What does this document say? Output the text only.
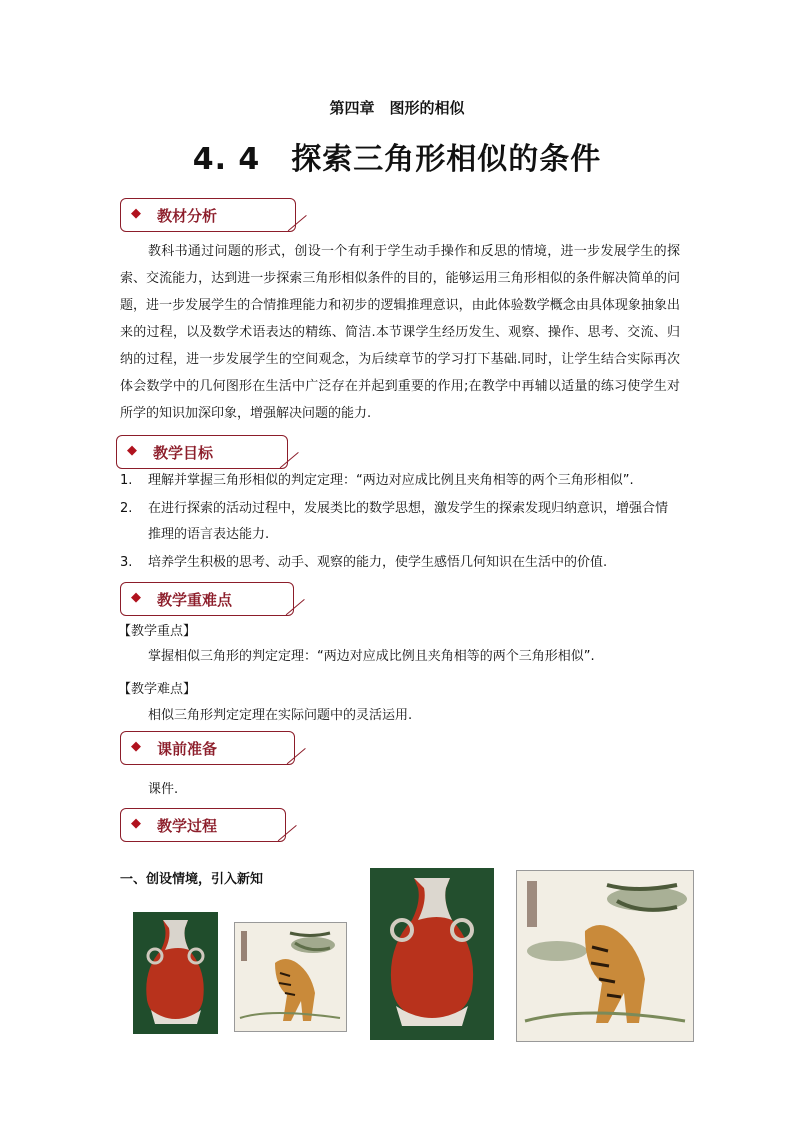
第四章　图形的相似
4. 4　探索三角形相似的条件
◆ 教材分析
教科书通过问题的形式，创设一个有利于学生动手操作和反思的情境，进一步发展学生的探索、交流能力，达到进一步探索三角形相似条件的目的，能够运用三角形相似的条件解决简单的问题，进一步发展学生的合情推理能力和初步的逻辑推理意识，由此体验数学概念由具体现象抽象出来的过程，以及数学术语表达的精练、简洁.本节课学生经历发生、观察、操作、思考、交流、归纳的过程，进一步发展学生的空间观念，为后续章节的学习打下基础.同时，让学生结合实际再次体会数学中的几何图形在生活中广泛存在并起到重要的作用;在教学中再辅以适量的练习使学生对所学的知识加深印象，增强解决问题的能力.
◆ 教学目标
1. 理解并掌握三角形相似的判定定理：“两边对应成比例且夹角相等的两个三角形相似”.
2. 在进行探索的活动过程中，发展类比的数学思想，激发学生的探索发现归纳意识，增强合情推理的语言表达能力.
3. 培养学生积极的思考、动手、观察的能力，使学生感悟几何知识在生活中的价值.
◆ 教学重难点
【教学重点】
掌握相似三角形的判定定理：“两边对应成比例且夹角相等的两个三角形相似”.
【教学难点】
相似三角形判定定理在实际问题中的灵活运用.
◆ 课前准备
课件.
◆ 教学过程
一、创设情境，引入新知
